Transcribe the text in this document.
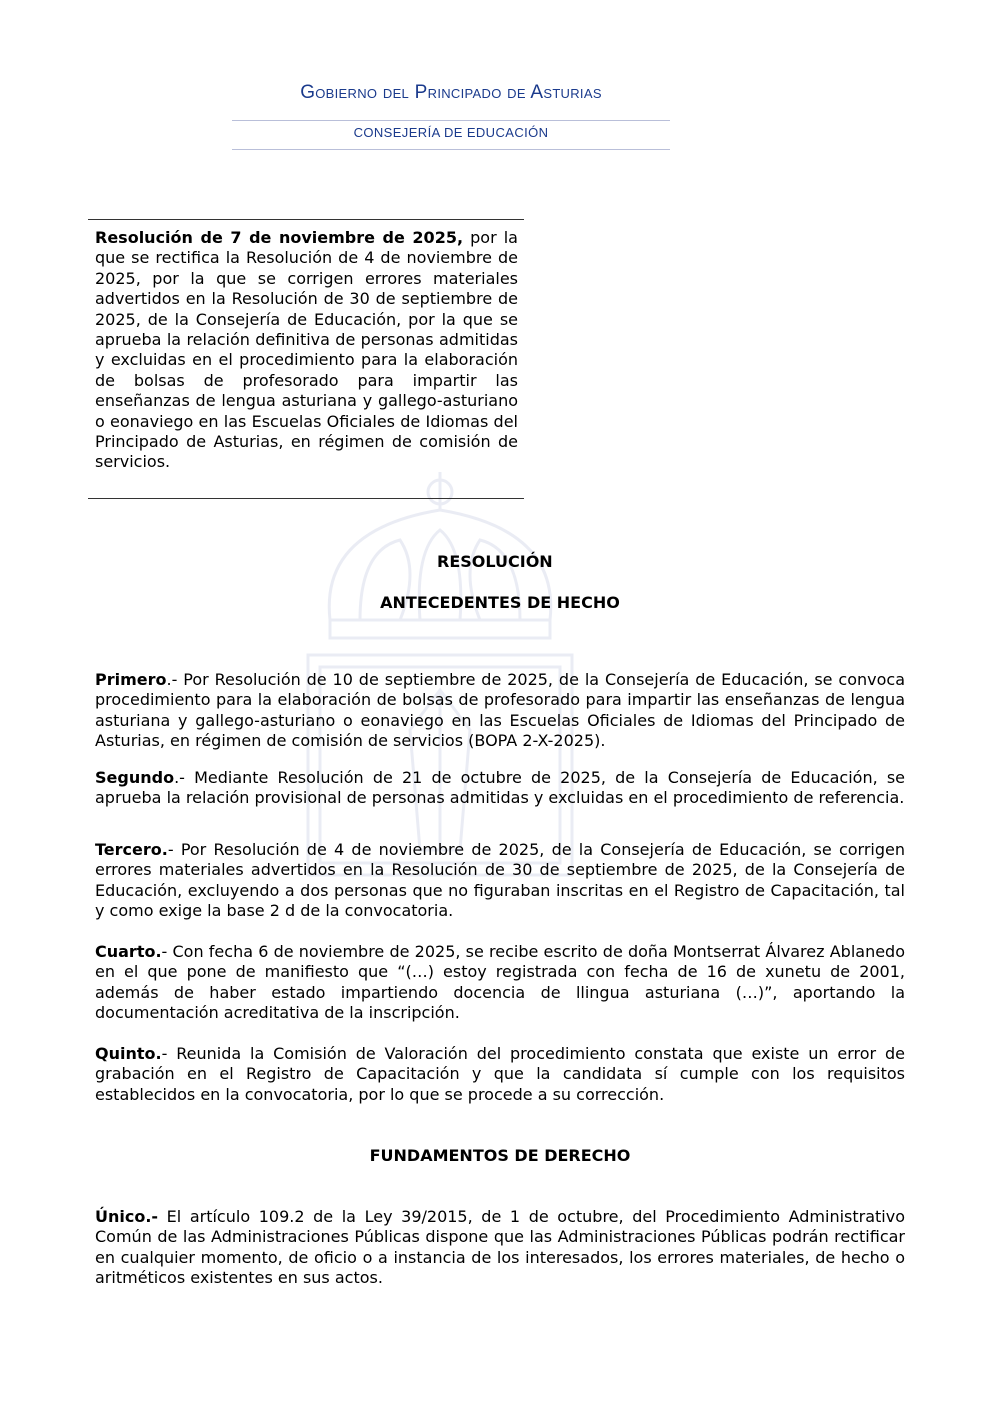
Gobierno del Principado de Asturias
CONSEJERÍA DE EDUCACIÓN

Resolución de 7 de noviembre de 2025, por la que se rectifica la Resolución de 4 de noviembre de 2025, por la que se corrigen errores materiales advertidos en la Resolución de 30 de septiembre de 2025, de la Consejería de Educación, por la que se aprueba la relación definitiva de personas admitidas y excluidas en el procedimiento para la elaboración de bolsas de profesorado para impartir las enseñanzas de lengua asturiana y gallego-asturiano o eonaviego en las Escuelas Oficiales de Idiomas del Principado de Asturias, en régimen de comisión de servicios.

RESOLUCIÓN
ANTECEDENTES DE HECHO

Primero.- Por Resolución de 10 de septiembre de 2025, de la Consejería de Educación, se convoca procedimiento para la elaboración de bolsas de profesorado para impartir las enseñanzas de lengua asturiana y gallego-asturiano o eonaviego en las Escuelas Oficiales de Idiomas del Principado de Asturias, en régimen de comisión de servicios (BOPA 2-X-2025).

Segundo.- Mediante Resolución de 21 de octubre de 2025, de la Consejería de Educación, se aprueba la relación provisional de personas admitidas y excluidas en el procedimiento de referencia.

Tercero.- Por Resolución de 4 de noviembre de 2025, de la Consejería de Educación, se corrigen errores materiales advertidos en la Resolución de 30 de septiembre de 2025, de la Consejería de Educación, excluyendo a dos personas que no figuraban inscritas en el Registro de Capacitación, tal y como exige la base 2 d de la convocatoria.

Cuarto.- Con fecha 6 de noviembre de 2025, se recibe escrito de doña Montserrat Álvarez Ablanedo en el que pone de manifiesto que “(…) estoy registrada con fecha de 16 de xunetu de 2001, además de haber estado impartiendo docencia de llingua asturiana (…)”, aportando la documentación acreditativa de la inscripción.

Quinto.- Reunida la Comisión de Valoración del procedimiento constata que existe un error de grabación en el Registro de Capacitación y que la candidata sí cumple con los requisitos establecidos en la convocatoria, por lo que se procede a su corrección.

FUNDAMENTOS DE DERECHO

Único.- El artículo 109.2 de la Ley 39/2015, de 1 de octubre, del Procedimiento Administrativo Común de las Administraciones Públicas dispone que las Administraciones Públicas podrán rectificar en cualquier momento, de oficio o a instancia de los interesados, los errores materiales, de hecho o aritméticos existentes en sus actos.
